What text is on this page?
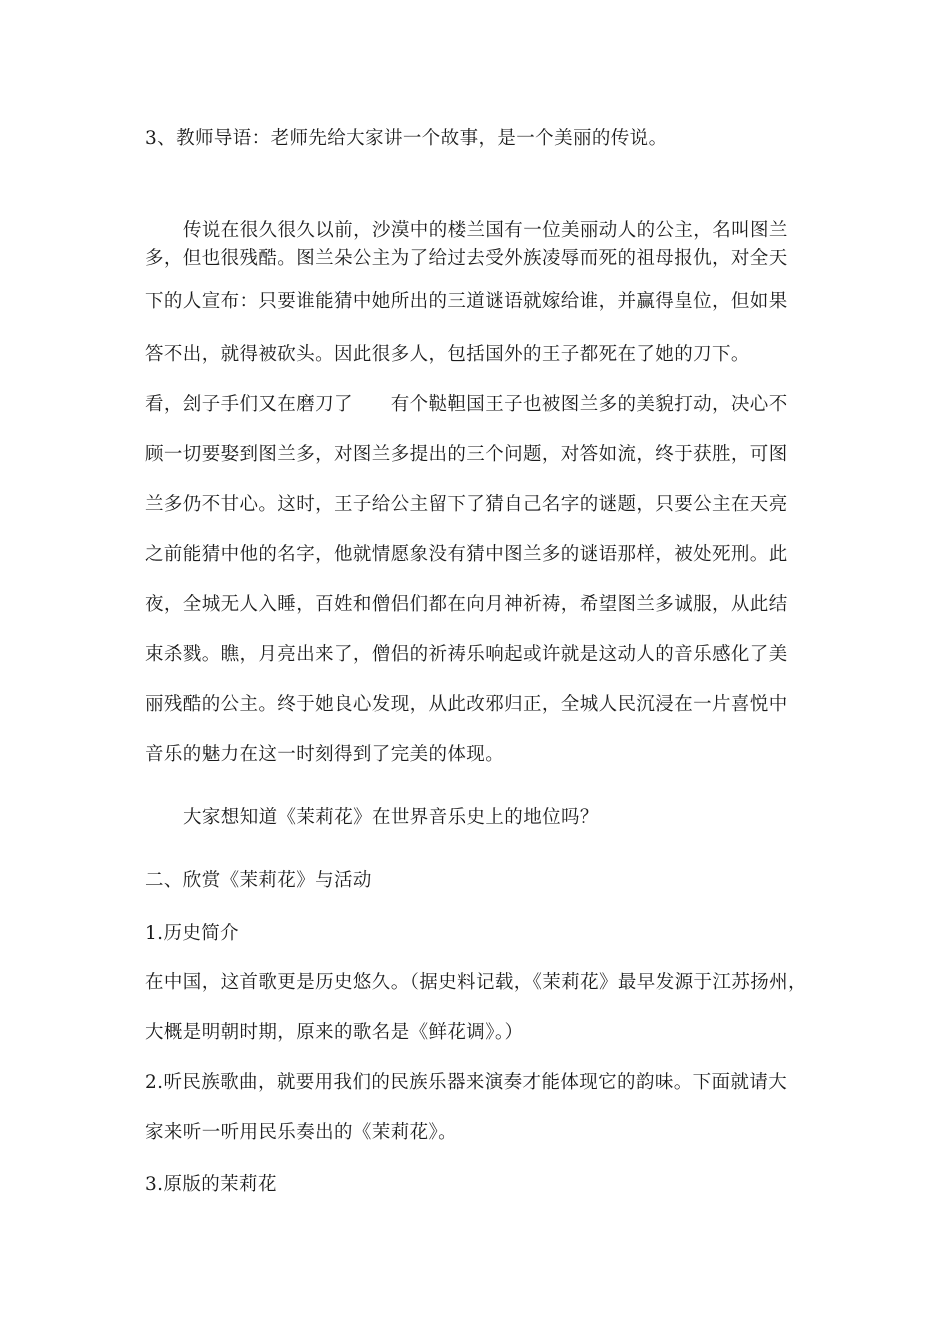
3、教师导语：老师先给大家讲一个故事，是一个美丽的传说。
传说在很久很久以前，沙漠中的楼兰国有一位美丽动人的公主，名叫图兰
多，但也很残酷。图兰朵公主为了给过去受外族凌辱而死的祖母报仇，对全天
下的人宣布：只要谁能猜中她所出的三道谜语就嫁给谁，并赢得皇位，但如果
答不出，就得被砍头。因此很多人，包括国外的王子都死在了她的刀下。
看，刽子手们又在磨刀了　　有个鞑靼国王子也被图兰多的美貌打动，决心不
顾一切要娶到图兰多，对图兰多提出的三个问题，对答如流，终于获胜，可图
兰多仍不甘心。这时，王子给公主留下了猜自己名字的谜题，只要公主在天亮
之前能猜中他的名字，他就情愿象没有猜中图兰多的谜语那样，被处死刑。此
夜，全城无人入睡，百姓和僧侣们都在向月神祈祷，希望图兰多诚服，从此结
束杀戮。瞧，月亮出来了，僧侣的祈祷乐响起或许就是这动人的音乐感化了美
丽残酷的公主。终于她良心发现，从此改邪归正，全城人民沉浸在一片喜悦中
音乐的魅力在这一时刻得到了完美的体现。
大家想知道《茉莉花》在世界音乐史上的地位吗？
二、欣赏《茉莉花》与活动
1.历史简介
在中国，这首歌更是历史悠久。（据史料记载，《茉莉花》最早发源于江苏扬州，
大概是明朝时期，原来的歌名是《鲜花调》。）
2.听民族歌曲，就要用我们的民族乐器来演奏才能体现它的韵味。下面就请大
家来听一听用民乐奏出的《茉莉花》。
3.原版的茉莉花
